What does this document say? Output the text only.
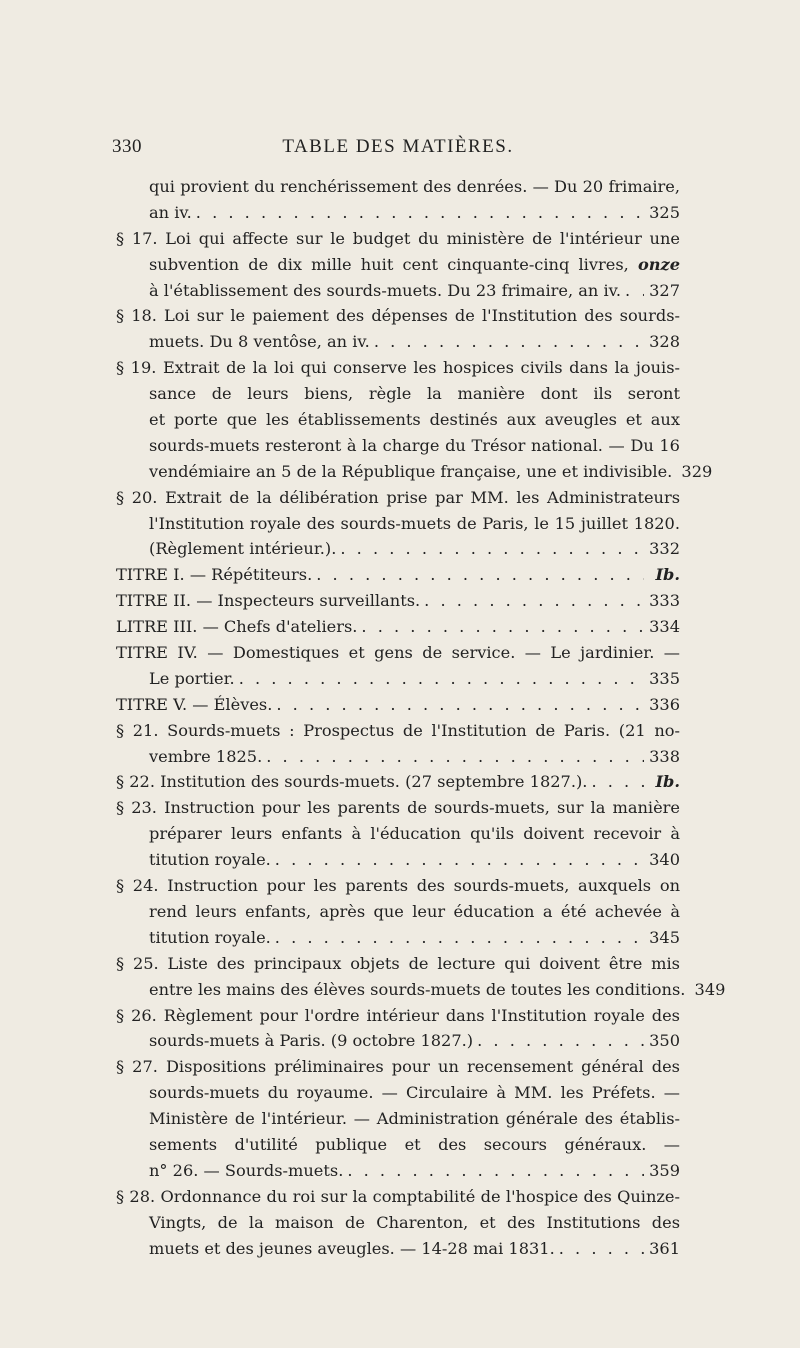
330	TABLE DES MATIÈRES.
qui provient du renchérissement des denrées. — Du 20 frimaire,
an iv. . . .	325
§ 17. Loi qui affecte sur le budget du ministère de l'intérieur une
subvention de dix mille huit cent cinquante-cinq livres, onze
à l'établissement des sourds-muets. Du 23 frimaire, an iv. . . . 327
§ 18. Loi sur le paiement des dépenses de l'Institution des sourds-
muets. Du 8 ventôse, an iv. . . .	328
§ 19. Extrait de la loi qui conserve les hospices civils dans la jouis-
sance de leurs biens, règle la manière dont ils seront
et porte que les établissements destinés aux aveugles et aux
sourds-muets resteront à la charge du Trésor national. — Du 16
vendémiaire an 5 de la République française, une et indivisible. 329
§ 20. Extrait de la délibération prise par MM. les Administrateurs
l'Institution royale des sourds-muets de Paris, le 15 juillet 1820.
(Règlement intérieur.). . . .	332
TITRE I. — Répétiteurs. . . .	Ib.
TITRE II. — Inspecteurs surveillants. . . .	333
LITRE III. — Chefs d'ateliers. . . .	334
TITRE IV. — Domestiques et gens de service. — Le jardinier. —
Le portier. . . .	335
TITRE V. — Élèves. . . .	336
§ 21. Sourds-muets : Prospectus de l'Institution de Paris. (21 no-
vembre 1825. . . .	338
§ 22. Institution des sourds-muets. (27 septembre 1827.). . . .	Ib.
§ 23. Instruction pour les parents de sourds-muets, sur la manière
préparer leurs enfants à l'éducation qu'ils doivent recevoir à
titution royale. . . .	340
§ 24. Instruction pour les parents des sourds-muets, auxquels on
rend leurs enfants, après que leur éducation a été achevée à
titution royale. . . .	345
§ 25. Liste des principaux objets de lecture qui doivent être mis
entre les mains des élèves sourds-muets de toutes les conditions. 349
§ 26. Règlement pour l'ordre intérieur dans l'Institution royale des
sourds-muets à Paris. (9 octobre 1827.) . . .	350
§ 27. Dispositions préliminaires pour un recensement général des
sourds-muets du royaume. — Circulaire à MM. les Préfets. —
Ministère de l'intérieur. — Administration générale des établis-
sements d'utilité publique et des secours généraux. —
n° 26. — Sourds-muets. . . .	359
§ 28. Ordonnance du roi sur la comptabilité de l'hospice des Quinze-
Vingts, de la maison de Charenton, et des Institutions des
muets et des jeunes aveugles. — 14-28 mai 1831. . . .	361
